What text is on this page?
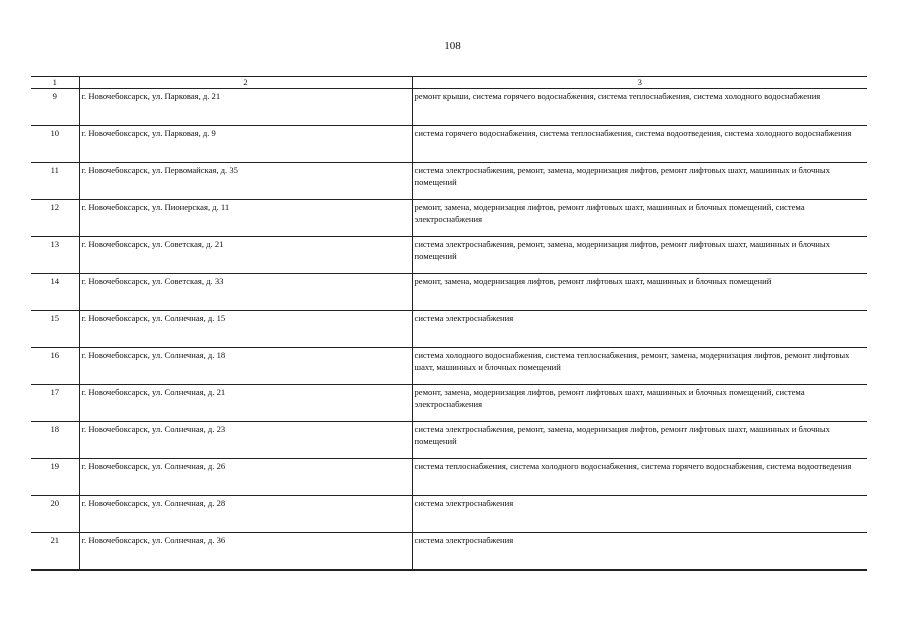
108
1	2	3
9	г. Новочебоксарск, ул. Парковая, д. 21	ремонт крыши, система горячего водоснабжения, система теплоснабжения, система холодного водоснабжения
10	г. Новочебоксарск, ул. Парковая, д. 9	система горячего водоснабжения, система теплоснабжения, система водоотведения, система холодного водоснабжения
11	г. Новочебоксарск, ул. Первомайская, д. 35	система электроснабжения, ремонт, замена, модернизация лифтов, ремонт лифтовых шахт, машинных и блочных помещений
12	г. Новочебоксарск, ул. Пионерская, д. 11	ремонт, замена, модернизация лифтов, ремонт лифтовых шахт, машинных и блочных помещений, система электроснабжения
13	г. Новочебоксарск, ул. Советская, д. 21	система электроснабжения, ремонт, замена, модернизация лифтов, ремонт лифтовых шахт, машинных и блочных помещений
14	г. Новочебоксарск, ул. Советская, д. 33	ремонт, замена, модернизация лифтов, ремонт лифтовых шахт, машинных и блочных помещений
15	г. Новочебоксарск, ул. Солнечная, д. 15	система электроснабжения
16	г. Новочебоксарск, ул. Солнечная, д. 18	система холодного водоснабжения, система теплоснабжения, ремонт, замена, модернизация лифтов, ремонт лифтовых шахт, машинных и блочных помещений
17	г. Новочебоксарск, ул. Солнечная, д. 21	ремонт, замена, модернизация лифтов, ремонт лифтовых шахт, машинных и блочных помещений, система электроснабжения
18	г. Новочебоксарск, ул. Солнечная, д. 23	система электроснабжения, ремонт, замена, модернизация лифтов, ремонт лифтовых шахт, машинных и блочных помещений
19	г. Новочебоксарск, ул. Солнечная, д. 26	система теплоснабжения, система холодного водоснабжения, система горячего водоснабжения, система водоотведения
20	г. Новочебоксарск, ул. Солнечная, д. 28	система электроснабжения
21	г. Новочебоксарск, ул. Солнечная, д. 36	система электроснабжения
